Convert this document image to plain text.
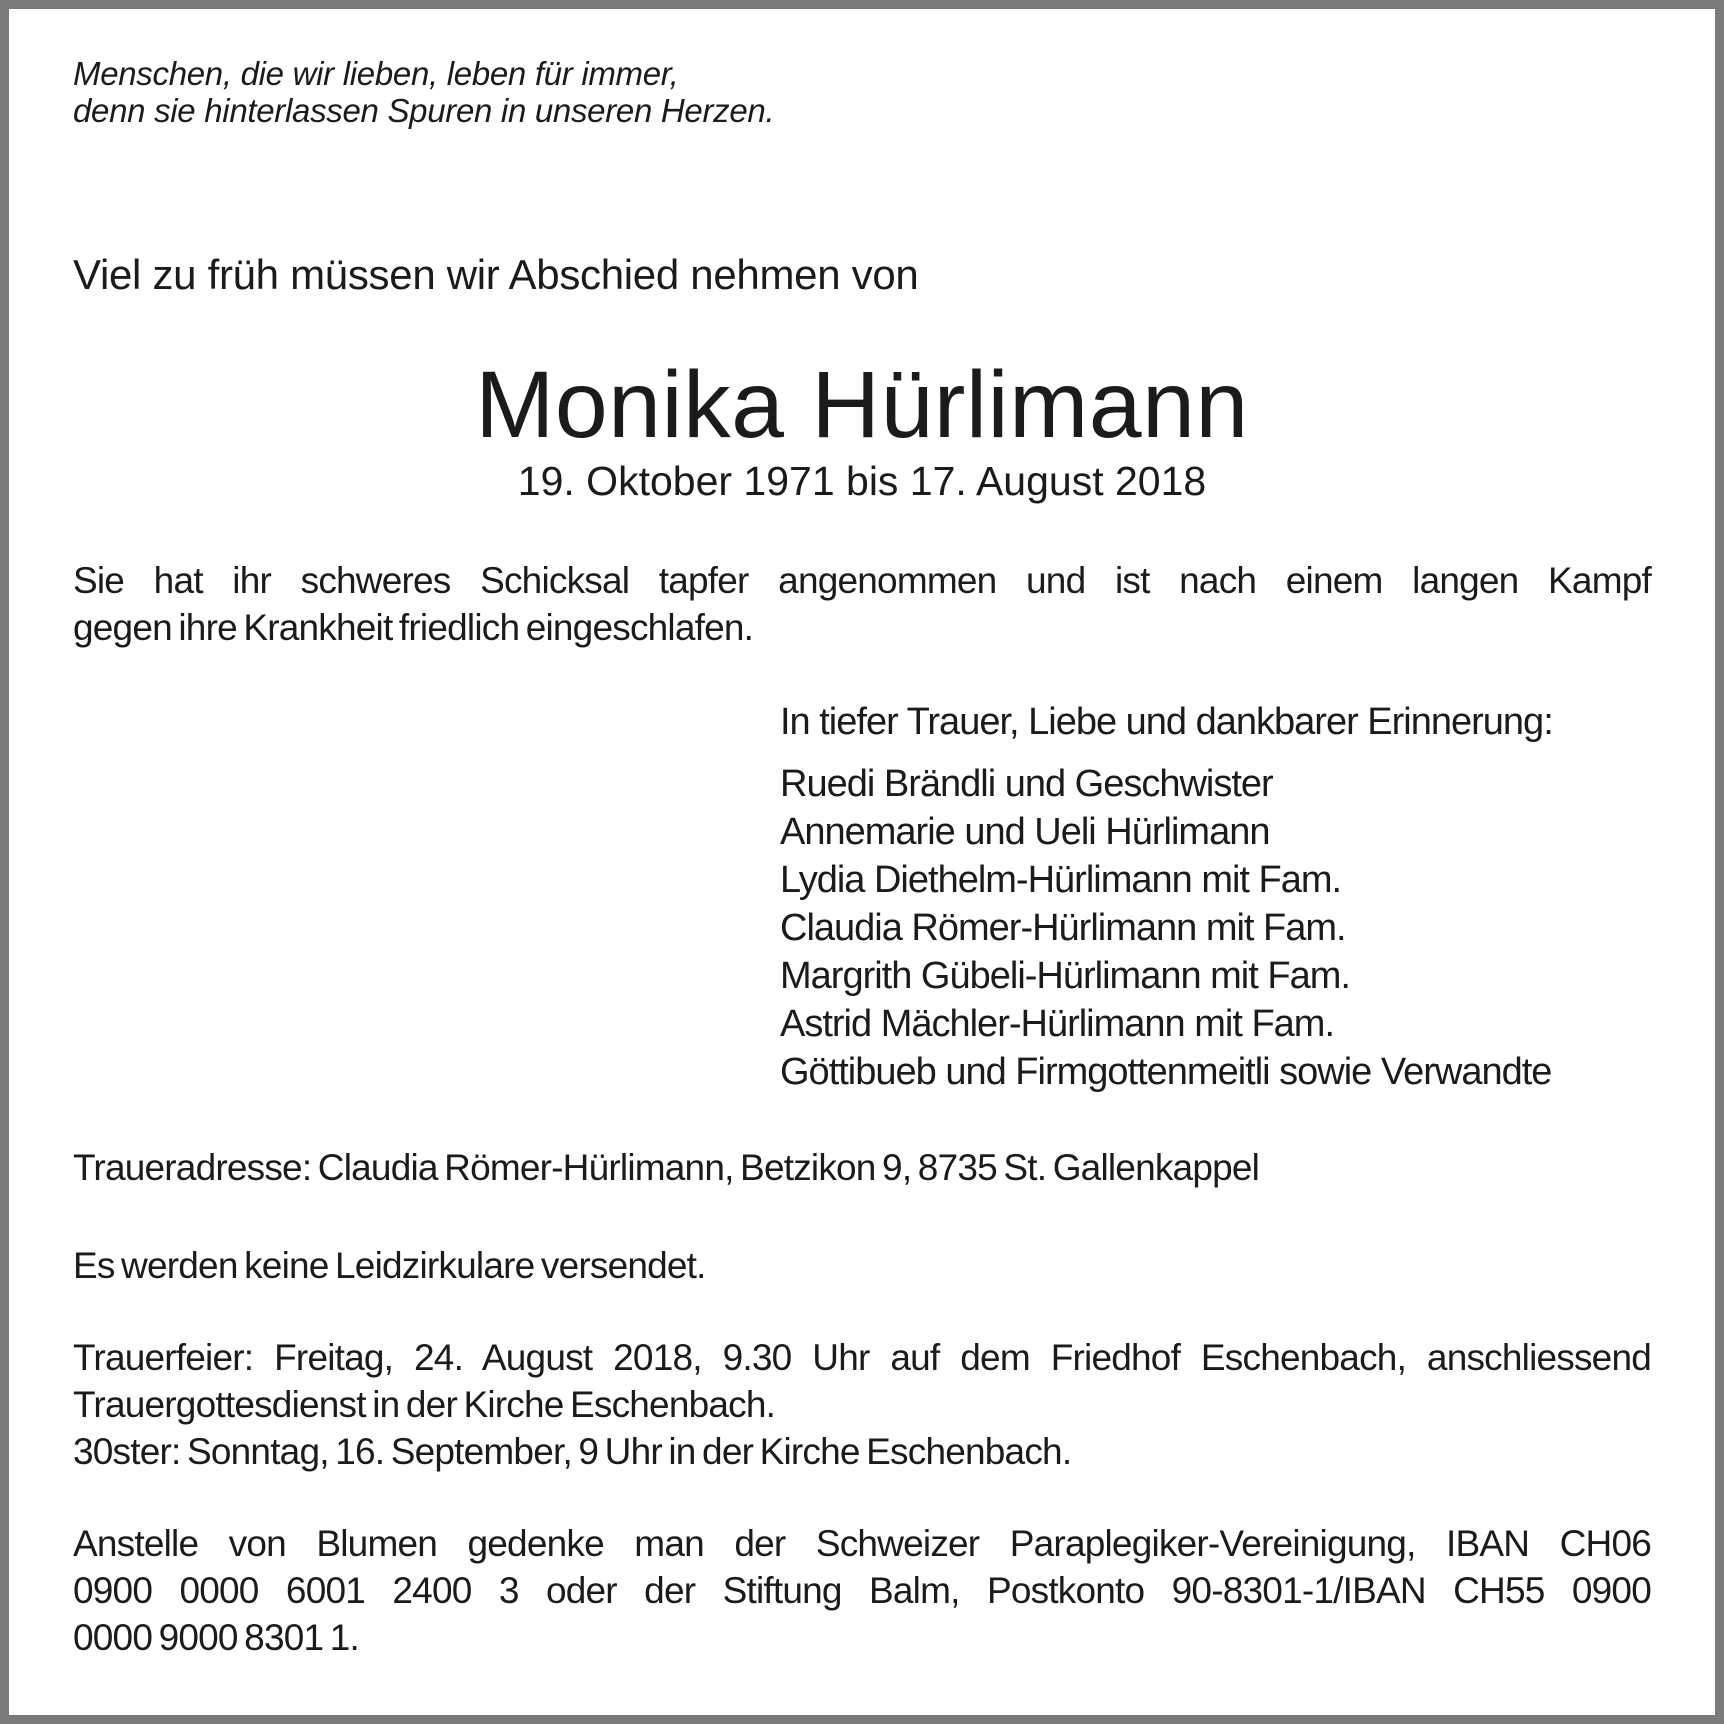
Menschen, die wir lieben, leben für immer,
denn sie hinterlassen Spuren in unseren Herzen.
Viel zu früh müssen wir Abschied nehmen von
Monika Hürlimann
19. Oktober 1971 bis 17. August 2018
Sie hat ihr schweres Schicksal tapfer angenommen und ist nach einem langen Kampf
gegen ihre Krankheit friedlich eingeschlafen.
In tiefer Trauer, Liebe und dankbarer Erinnerung:
Ruedi Brändli und Geschwister
Annemarie und Ueli Hürlimann
Lydia Diethelm-Hürlimann mit Fam.
Claudia Römer-Hürlimann mit Fam.
Margrith Gübeli-Hürlimann mit Fam.
Astrid Mächler-Hürlimann mit Fam.
Göttibueb und Firmgottenmeitli sowie Verwandte
Traueradresse: Claudia Römer-Hürlimann, Betzikon 9, 8735 St. Gallenkappel
Es werden keine Leidzirkulare versendet.
Trauerfeier: Freitag, 24. August 2018, 9.30 Uhr auf dem Friedhof Eschenbach, anschliessend
Trauergottesdienst in der Kirche Eschenbach.
30ster: Sonntag, 16. September, 9 Uhr in der Kirche Eschenbach.
Anstelle von Blumen gedenke man der Schweizer Paraplegiker-Vereinigung, IBAN CH06
0900 0000 6001 2400 3 oder der Stiftung Balm, Postkonto 90-8301-1/IBAN CH55 0900
0000 9000 8301 1.
